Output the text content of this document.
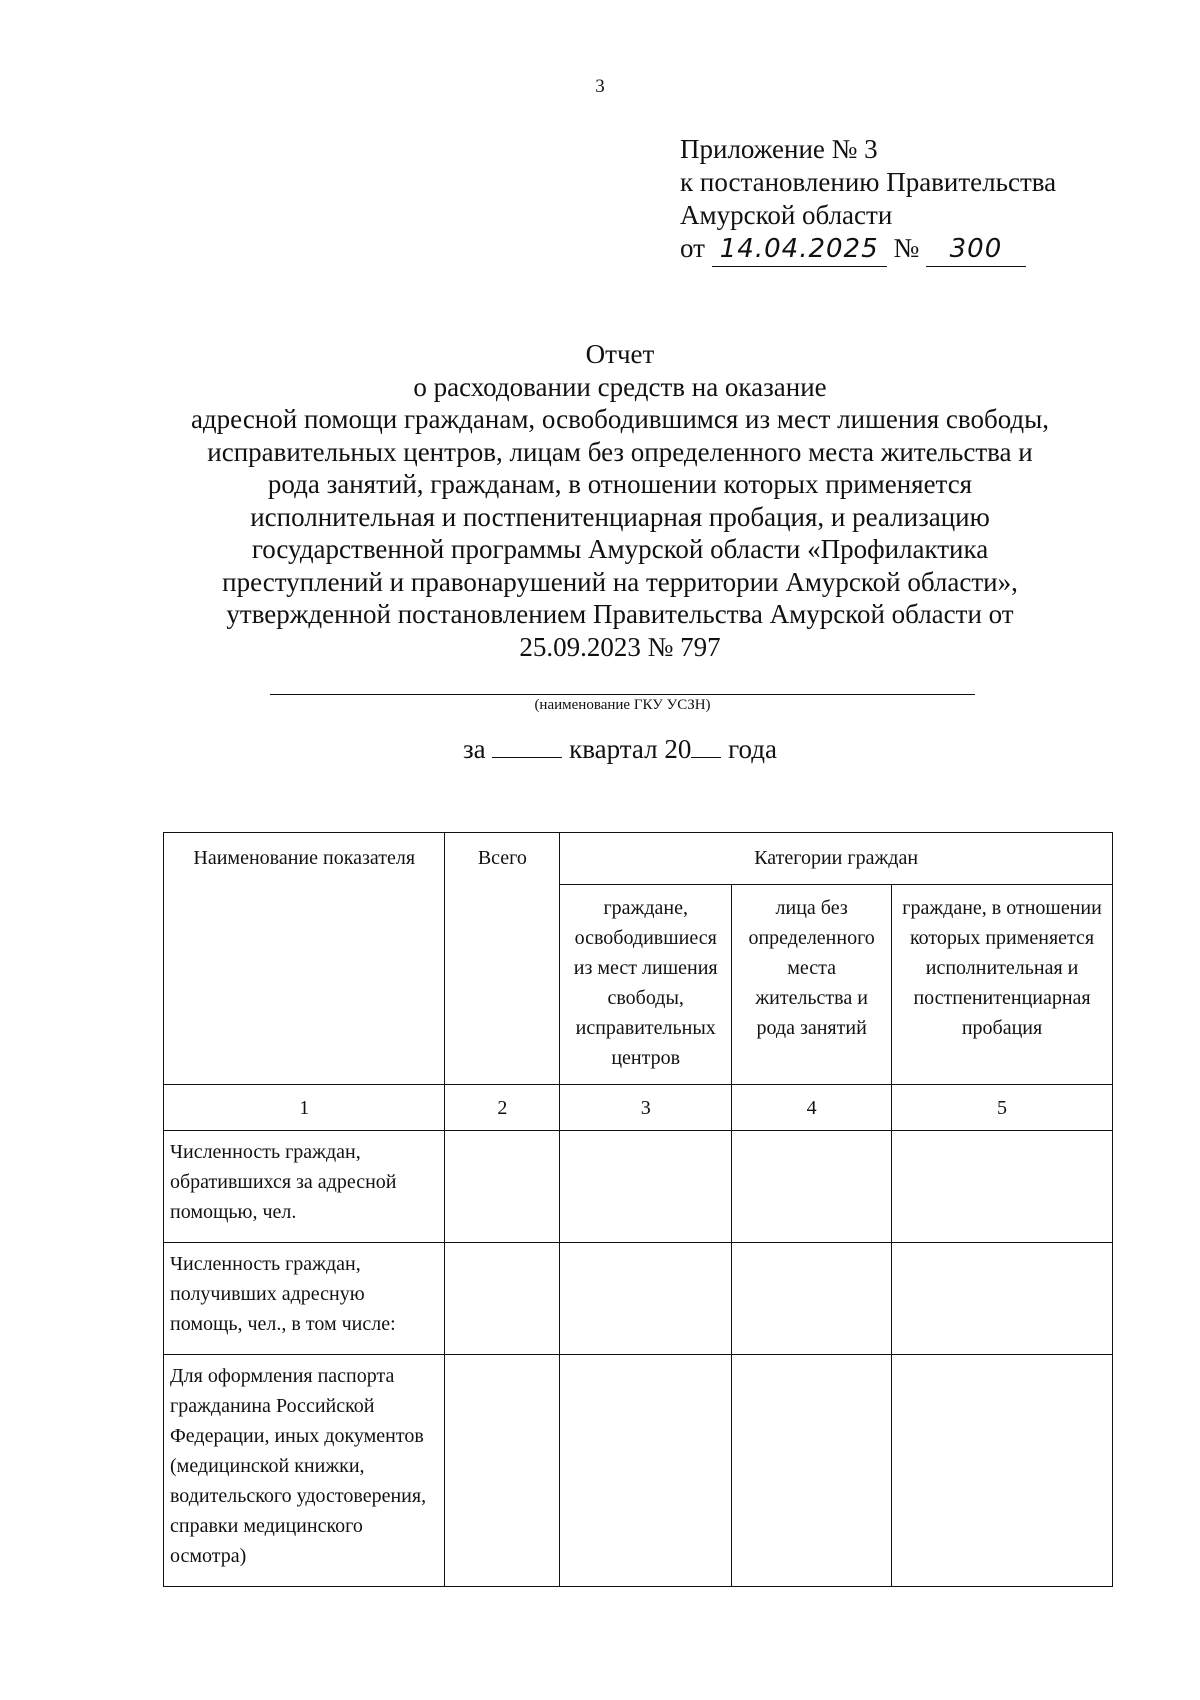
3
Приложение № 3
к постановлению Правительства
Амурской области
от 14.04.2025 № 300
Отчет
о расходовании средств на оказание
адресной помощи гражданам, освободившимся из мест лишения свободы,
исправительных центров, лицам без определенного места жительства и
рода занятий, гражданам, в отношении которых применяется
исполнительная и постпенитенциарная пробация, и реализацию
государственной программы Амурской области «Профилактика
преступлений и правонарушений на территории Амурской области»,
утвержденной постановлением Правительства Амурской области от
25.09.2023 № 797
(наименование ГКУ УСЗН)
за	квартал 20 года
Наименование показателя	Всего	Категории граждан		
		граждане, освободившиеся из мест лишения свободы, исправительных центров	лица без определенного места жительства и рода занятий	граждане, в отношении которых применяется исполнительная и постпенитенциарная пробация
1	2	3	4	5
Численность граждан, обратившихся за адресной помощью, чел.				
Численность граждан, получивших адресную помощь, чел., в том числе:				
Для оформления паспорта гражданина Российской Федерации, иных документов (медицинской книжки, водительского удостоверения, справки медицинского осмотра)				
